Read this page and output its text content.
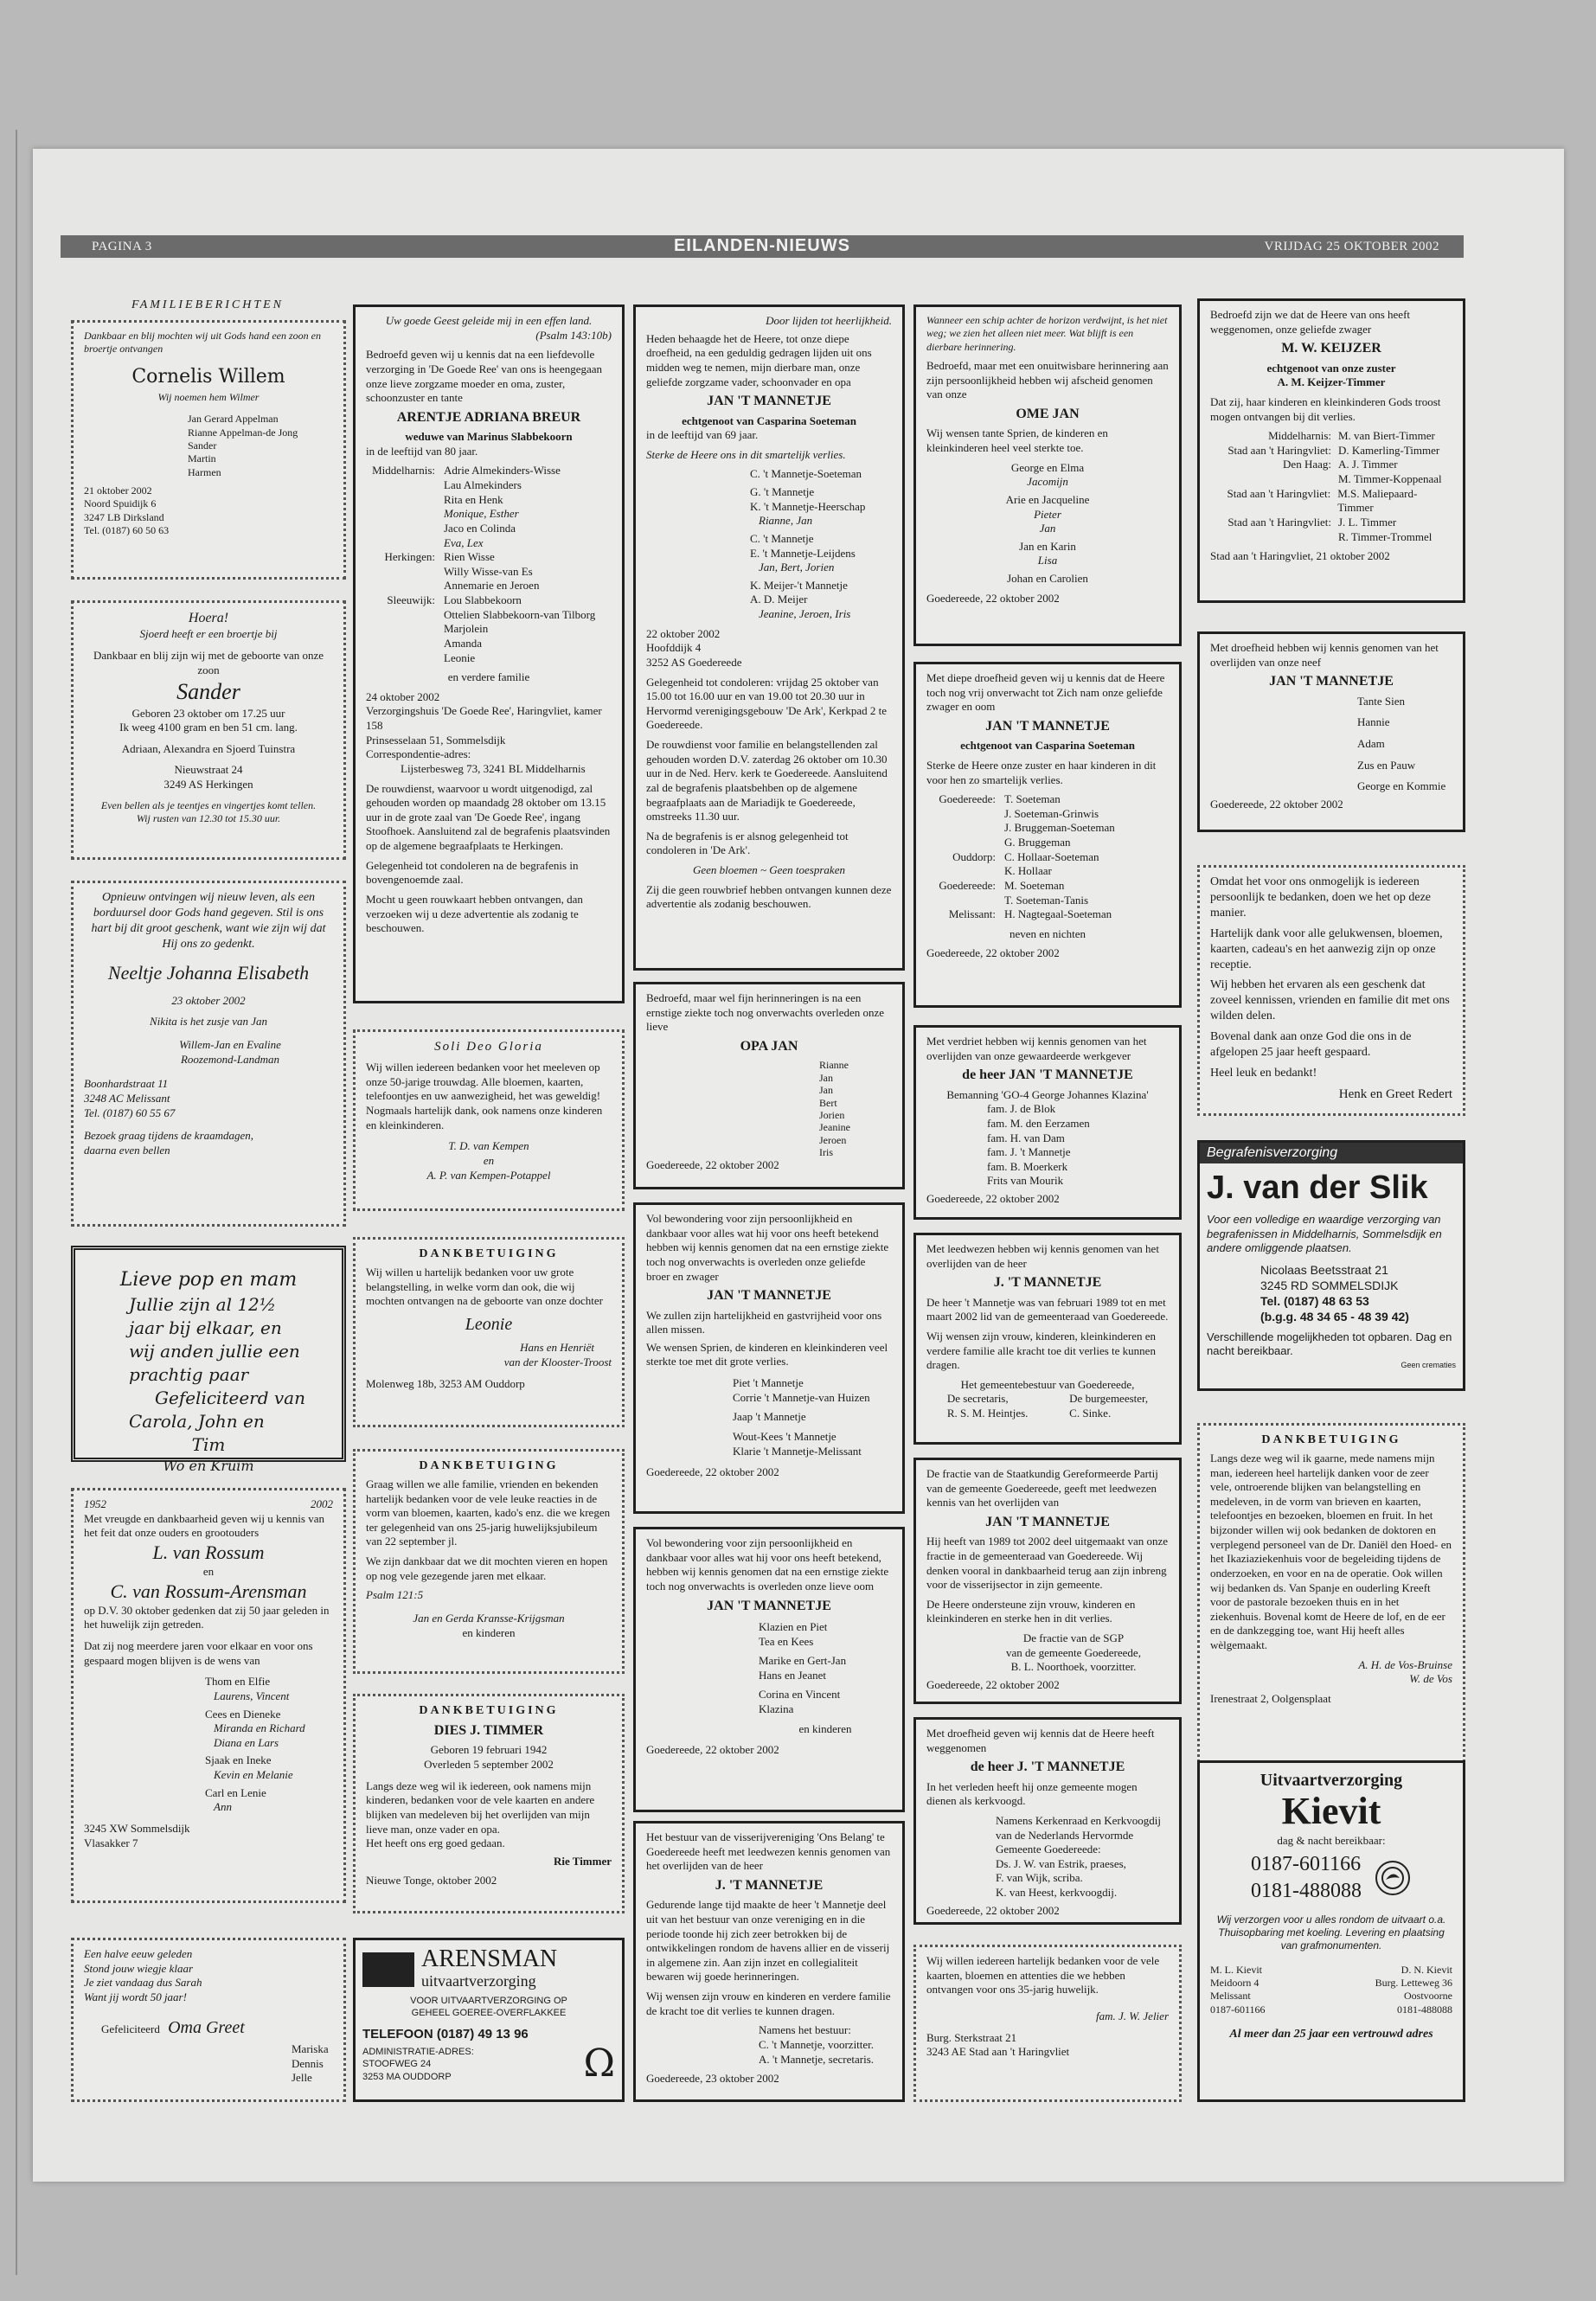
PAGINA 3	EILANDEN-NIEUWS	VRIJDAG 25 OKTOBER 2002
FAMILIEBERICHTEN
Dankbaar en blij mochten wij uit Gods hand een zoon en broertje ontvangen
Cornelis Willem
Wij noemen hem Wilmer
Jan Gerard Appelman
Rianne Appelman-de Jong
Sander
Martin
Harmen
21 oktober 2002
Noord Spuidijk 6
3247 LB Dirksland
Tel. (0187) 60 50 63
Hoera!
Sjoerd heeft er een broertje bij
Dankbaar en blij zijn wij met de geboorte van onze zoon
Sander
Geboren 23 oktober om 17.25 uur
Ik weeg 4100 gram en ben 51 cm. lang.
Adriaan, Alexandra en Sjoerd Tuinstra
Nieuwstraat 24
3249 AS Herkingen
Even bellen als je teentjes en vingertjes komt tellen.
Wij rusten van 12.30 tot 15.30 uur.
Opnieuw ontvingen wij nieuw leven, als een borduursel door Gods hand gegeven. Stil is ons hart bij dit groot geschenk, want wie zijn wij dat Hij ons zo gedenkt.
Neeltje Johanna Elisabeth
23 oktober 2002
Nikita is het zusje van Jan
Willem-Jan en Evaline Roozemond-Landman
Boonhardstraat 11
3248 AC Melissant
Tel. (0187) 60 55 67
Bezoek graag tijdens de kraamdagen, daarna even bellen
Lieve pop en mam
Jullie zijn al 12½
jaar bij elkaar, en
wij anden jullie een
prachtig paar
Gefeliciteerd van
Carola, John en
Tim
Wo en Kruim
1952	2002
Met vreugde en dankbaarheid geven wij u kennis van het feit dat onze ouders en grootouders
L. van Rossum
en
C. van Rossum-Arensman
op D.V. 30 oktober gedenken dat zij 50 jaar geleden in het huwelijk zijn getreden.
Dat zij nog meerdere jaren voor elkaar en voor ons gespaard mogen blijven is de wens van
Thom en Elfie
Laurens, Vincent
Cees en Dieneke
Miranda en Richard
Diana en Lars
Sjaak en Ineke
Kevin en Melanie
Carl en Lenie
Ann
3245 XW Sommelsdijk
Vlasakker 7
Een halve eeuw geleden
Stond jouw wiegje klaar
Je ziet vandaag dus Sarah
Want jij wordt 50 jaar!
Gefeliciteerd Oma Greet
Mariska
Dennis
Jelle
Uw goede Geest geleide mij in een effen land.
(Psalm 143:10b)
Bedroefd geven wij u kennis dat na een liefdevolle verzorging in 'De Goede Ree' van ons is heengegaan onze lieve zorgzame moeder en oma, zuster, schoonzuster en tante
ARENTJE ADRIANA BREUR
weduwe van Marinus Slabbekoorn
in de leeftijd van 80 jaar.
Middelharnis: Adrie Almekinders-Wisse
Lau Almekinders
Rita en Henk
Monique, Esther
Jaco en Colinda
Eva, Lex
Herkingen: Rien Wisse
Willy Wisse-van Es
Annemarie en Jeroen
Sleeuwijk: Lou Slabbekoorn
Ottelien Slabbekoorn-van Tilborg
Marjolein
Amanda
Leonie
en verdere familie
24 oktober 2002
Verzorgingshuis 'De Goede Ree', Haringvliet, kamer 158
Prinsesselaan 51, Sommelsdijk
Correspondentie-adres:
Lijsterbesweg 73, 3241 BL Middelharnis
De rouwdienst, waarvoor u wordt uitgenodigd, zal gehouden worden op maandadg 28 oktober om 13.15 uur in de grote zaal van 'De Goede Ree', ingang Stoofhoek. Aansluitend zal de begrafenis plaatsvinden op de algemene begraafplaats te Herkingen.
Gelegenheid tot condoleren na de begrafenis in bovengenoemde zaal.
Mocht u geen rouwkaart hebben ontvangen, dan verzoeken wij u deze advertentie als zodanig te beschouwen.
Soli Deo Gloria
Wij willen iedereen bedanken voor het meeleven op onze 50-jarige trouwdag. Alle bloemen, kaarten, telefoontjes en uw aanwezigheid, het was geweldig! Nogmaals hartelijk dank, ook namens onze kinderen en kleinkinderen.
T. D. van Kempen
en
A. P. van Kempen-Potappel
DANKBETUIGING
Wij willen u hartelijk bedanken voor uw grote belangstelling, in welke vorm dan ook, die wij mochten ontvangen na de geboorte van onze dochter
Leonie
Hans en Henriët
van der Klooster-Troost
Molenweg 18b, 3253 AM Ouddorp
DANKBETUIGING
Graag willen we alle familie, vrienden en bekenden hartelijk bedanken voor de vele leuke reacties in de vorm van bloemen, kaarten, kado's enz. die we kregen ter gelegenheid van ons 25-jarig huwelijksjubileum van 22 september jl.
We zijn dankbaar dat we dit mochten vieren en hopen op nog vele gezegende jaren met elkaar.
Psalm 121:5
Jan en Gerda Kransse-Krijgsman
en kinderen
DANKBETUIGING
DIES J. TIMMER
Geboren 19 februari 1942
Overleden 5 september 2002
Langs deze weg wil ik iedereen, ook namens mijn kinderen, bedanken voor de vele kaarten en andere blijken van medeleven bij het overlijden van mijn lieve man, onze vader en opa.
Het heeft ons erg goed gedaan.
Rie Timmer
Nieuwe Tonge, oktober 2002
ARENSMAN
uitvaartverzorging
VOOR UITVAARTVERZORGING OP
GEHEEL GOEREE-OVERFLAKKEE
TELEFOON (0187) 49 13 96
ADMINISTRATIE-ADRES:
STOOFWEG 24
3253 MA OUDDORP	Ω
Door lijden tot heerlijkheid.
Heden behaagde het de Heere, tot onze diepe droefheid, na een geduldig gedragen lijden uit ons midden weg te nemen, mijn dierbare man, onze geliefde zorgzame vader, schoonvader en opa
JAN 'T MANNETJE
echtgenoot van Casparina Soeteman
in de leeftijd van 69 jaar.
Sterke de Heere ons in dit smartelijk verlies.
C. 't Mannetje-Soeteman
G. 't Mannetje
K. 't Mannetje-Heerschap
Rianne, Jan
C. 't Mannetje
E. 't Mannetje-Leijdens
Jan, Bert, Jorien
K. Meijer-'t Mannetje
A. D. Meijer
Jeanine, Jeroen, Iris
22 oktober 2002
Hoofddijk 4
3252 AS Goedereede
Gelegenheid tot condoleren: vrijdag 25 oktober van 15.00 tot 16.00 uur en van 19.00 tot 20.30 uur in Hervormd verenigingsgebouw 'De Ark', Kerkpad 2 te Goedereede.
De rouwdienst voor familie en belangstellenden zal gehouden worden D.V. zaterdag 26 oktober om 10.30 uur in de Ned. Herv. kerk te Goedereede. Aansluitend zal de begrafenis plaatsbehben op de algemene begraafplaats aan de Mariadijk te Goedereede, omstreeks 11.30 uur.
Na de begrafenis is er alsnog gelegenheid tot condoleren in 'De Ark'.
Geen bloemen ~ Geen toespraken
Zij die geen rouwbrief hebben ontvangen kunnen deze advertentie als zodanig beschouwen.
Bedroefd, maar wel fijn herinneringen is na een ernstige ziekte toch nog onverwachts overleden onze lieve
OPA JAN
Rianne
Jan
Jan
Bert
Jorien
Jeanine
Jeroen
Iris
Goedereede, 22 oktober 2002
Vol bewondering voor zijn persoonlijkheid en dankbaar voor alles wat hij voor ons heeft betekend hebben wij kennis genomen dat na een ernstige ziekte toch nog onverwachts is overleden onze geliefde broer en zwager
JAN 'T MANNETJE
We zullen zijn hartelijkheid en gastvrijheid voor ons allen missen.
We wensen Sprien, de kinderen en kleinkinderen veel sterkte toe met dit grote verlies.
Piet 't Mannetje
Corrie 't Mannetje-van Huizen
Jaap 't Mannetje
Wout-Kees 't Mannetje
Klarie 't Mannetje-Melissant
Goedereede, 22 oktober 2002
Vol bewondering voor zijn persoonlijkheid en dankbaar voor alles wat hij voor ons heeft betekend, hebben wij kennis genomen dat na een ernstige ziekte toch nog onverwachts is overleden onze lieve oom
JAN 'T MANNETJE
Klazien en Piet
Tea en Kees
Marike en Gert-Jan
Hans en Jeanet
Corina en Vincent
Klazina
en kinderen
Goedereede, 22 oktober 2002
Het bestuur van de visserijvereniging 'Ons Belang' te Goedereede heeft met leedwezen kennis genomen van het overlijden van de heer
J. 'T MANNETJE
Gedurende lange tijd maakte de heer 't Mannetje deel uit van het bestuur van onze vereniging en in die periode toonde hij zich zeer betrokken bij de ontwikkelingen rondom de havens allier en de visserij in algemene zin. Aan zijn inzet en collegialiteit bewaren wij goede herinneringen.
Wij wensen zijn vrouw en kinderen en verdere familie de kracht toe dit verlies te kunnen dragen.
Namens het bestuur:
C. 't Mannetje, voorzitter.
A. 't Mannetje, secretaris.
Goedereede, 23 oktober 2002
Wanneer een schip achter de horizon verdwijnt, is het niet weg; we zien het alleen niet meer. Wat blijft is een dierbare herinnering.
Bedroefd, maar met een onuitwisbare herinnering aan zijn persoonlijkheid hebben wij afscheid genomen van onze
OME JAN
Wij wensen tante Sprien, de kinderen en kleinkinderen heel veel sterkte toe.
George en Elma
Jacomijn
Arie en Jacqueline
Pieter
Jan
Jan en Karin
Lisa
Johan en Carolien
Goedereede, 22 oktober 2002
Met diepe droefheid geven wij u kennis dat de Heere toch nog vrij onverwacht tot Zich nam onze geliefde zwager en oom
JAN 'T MANNETJE
echtgenoot van Casparina Soeteman
Sterke de Heere onze zuster en haar kinderen in dit voor hen zo smartelijk verlies.
Goedereede: T. Soeteman
J. Soeteman-Grinwis
J. Bruggeman-Soeteman
G. Bruggeman
Ouddorp: C. Hollaar-Soeteman
K. Hollaar
Goedereede: M. Soeteman
T. Soeteman-Tanis
Melissant: H. Nagtegaal-Soeteman
neven en nichten
Goedereede, 22 oktober 2002
Met verdriet hebben wij kennis genomen van het overlijden van onze gewaardeerde werkgever
de heer JAN 'T MANNETJE
Bemanning 'GO-4 George Johannes Klazina'
fam. J. de Blok
fam. M. den Eerzamen
fam. H. van Dam
fam. J. 't Mannetje
fam. B. Moerkerk
Frits van Mourik
Goedereede, 22 oktober 2002
Met leedwezen hebben wij kennis genomen van het overlijden van de heer
J. 'T MANNETJE
De heer 't Mannetje was van februari 1989 tot en met maart 2002 lid van de gemeenteraad van Goedereede.
Wij wensen zijn vrouw, kinderen, kleinkinderen en verdere familie alle kracht toe dit verlies te kunnen dragen.
Het gemeentebestuur van Goedereede,
De secretaris,
R. S. M. Heintjes.
De burgemeester,
C. Sinke.
De fractie van de Staatkundig Gereformeerde Partij van de gemeente Goedereede, geeft met leedwezen kennis van het overlijden van
JAN 'T MANNETJE
Hij heeft van 1989 tot 2002 deel uitgemaakt van onze fractie in de gemeenteraad van Goedereede. Wij denken vooral in dankbaarheid terug aan zijn inbreng voor de visserijsector in zijn gemeente.
De Heere ondersteune zijn vrouw, kinderen en kleinkinderen en sterke hen in dit verlies.
De fractie van de SGP
van de gemeente Goedereede,
B. L. Noorthoek, voorzitter.
Goedereede, 22 oktober 2002
Met droefheid geven wij kennis dat de Heere heeft weggenomen
de heer J. 'T MANNETJE
In het verleden heeft hij onze gemeente mogen dienen als kerkvoogd.
Namens Kerkenraad en Kerkvoogdij
van de Nederlands Hervormde
Gemeente Goedereede:
Ds. J. W. van Estrik, praeses,
F. van Wijk, scriba.
K. van Heest, kerkvoogdij.
Goedereede, 22 oktober 2002
Wij willen iedereen hartelijk bedanken voor de vele kaarten, bloemen en attenties die we hebben ontvangen voor ons 35-jarig huwelijk.
fam. J. W. Jelier
Burg. Sterkstraat 21
3243 AE Stad aan 't Haringvliet
Bedroefd zijn we dat de Heere van ons heeft weggenomen, onze geliefde zwager
M. W. KEIJZER
echtgenoot van onze zuster
A. M. Keijzer-Timmer
Dat zij, haar kinderen en kleinkinderen Gods troost mogen ontvangen bij dit verlies.
Middelharnis: M. van Biert-Timmer
Stad aan 't Haringvliet: D. Kamerling-Timmer
Den Haag: A. J. Timmer
M. Timmer-Koppenaal
Stad aan 't Haringvliet: M.S. Maliepaard-Timmer
Stad aan 't Haringvliet: J. L. Timmer
R. Timmer-Trommel
Stad aan 't Haringvliet, 21 oktober 2002
Met droefheid hebben wij kennis genomen van het overlijden van onze neef
JAN 'T MANNETJE
Tante Sien
Hannie
Adam
Zus en Pauw
George en Kommie
Goedereede, 22 oktober 2002
Omdat het voor ons onmogelijk is iedereen persoonlijk te bedanken, doen we het op deze manier.
Hartelijk dank voor alle gelukwensen, bloemen, kaarten, cadeau's en het aanwezig zijn op onze receptie.
Wij hebben het ervaren als een geschenk dat zoveel kennissen, vrienden en familie dit met ons wilden delen.
Bovenal dank aan onze God die ons in de afgelopen 25 jaar heeft gespaard.
Heel leuk en bedankt!
Henk en Greet Redert
Begrafenisverzorging
J. van der Slik
Voor een volledige en waardige verzorging van begrafenissen in Middelharnis, Sommelsdijk en andere omliggende plaatsen.
Nicolaas Beetsstraat 21
3245 RD SOMMELSDIJK
Tel. (0187) 48 63 53
(b.g.g. 48 34 65 - 48 39 42)
Verschillende mogelijkheden tot opbaren. Dag en nacht bereikbaar.
Geen crematies
DANKBETUIGING
Langs deze weg wil ik gaarne, mede namens mijn man, iedereen heel hartelijk danken voor de zeer vele, ontroerende blijken van belangstelling en medeleven, in de vorm van brieven en kaarten, telefoontjes en bezoeken, bloemen en fruit. In het bijzonder willen wij ook bedanken de doktoren en verplegend personeel van de Dr. Daniël den Hoed- en het Ikaziaziekenhuis voor de begeleiding tijdens de onderzoeken, en voor en na de operatie. Ook willen wij bedanken ds. Van Spanje en ouderling Kreeft voor de pastorale bezoeken thuis en in het ziekenhuis. Bovenal komt de Heere de lof, en de eer en de dankzegging toe, want Hij heeft alles wèlgemaakt.
A. H. de Vos-Bruinse
W. de Vos
Irenestraat 2, Oolgensplaat
Uitvaartverzorging
Kievit
dag & nacht bereikbaar:
0187-601166
0181-488088
Wij verzorgen voor u alles rondom de uitvaart o.a. Thuisopbaring met koeling. Levering en plaatsing van grafmonumenten.
M. L. Kievit
Meidoorn 4
Melissant
0187-601166
D. N. Kievit
Burg. Letteweg 36
Oostvoorne
0181-488088
Al meer dan 25 jaar een vertrouwd adres
